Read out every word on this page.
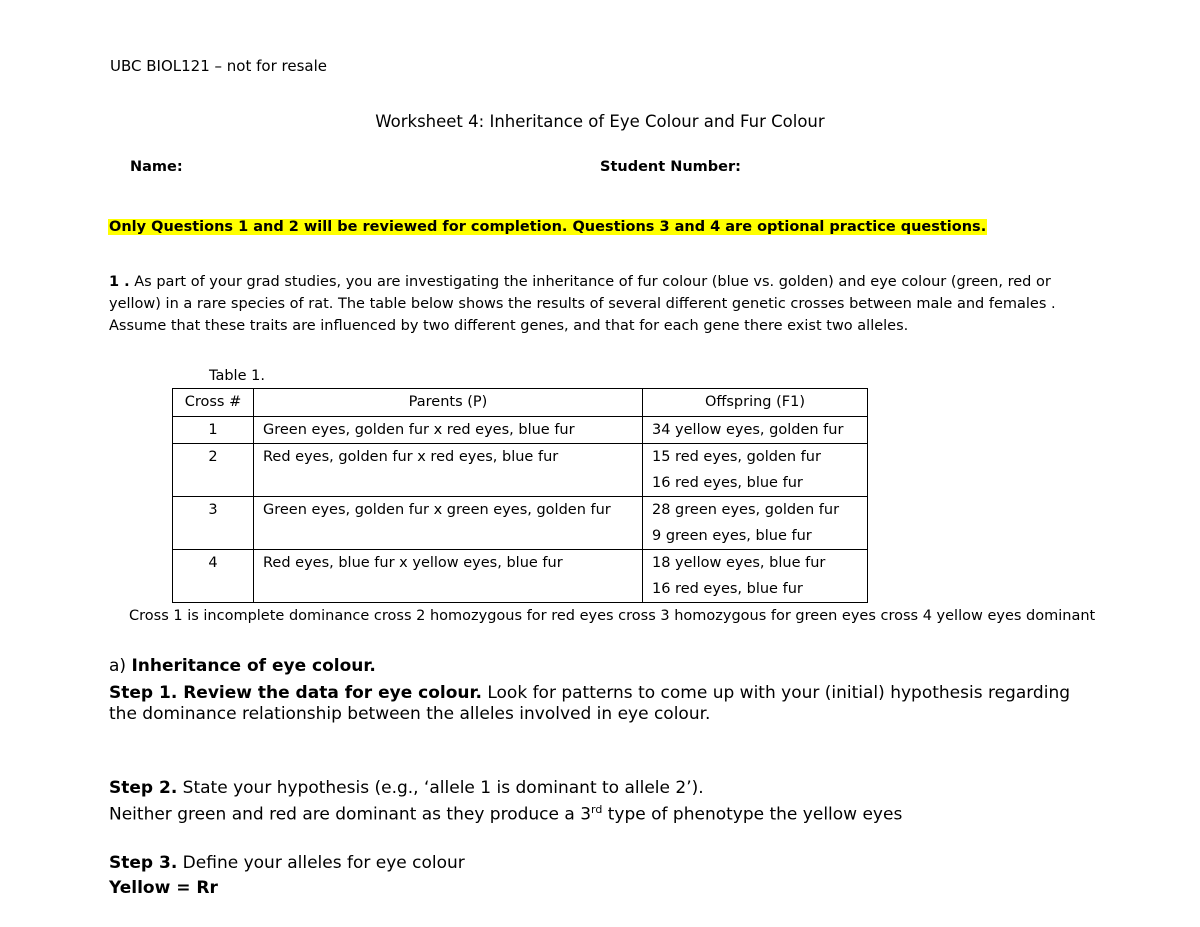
UBC BIOL121 – not for resale

Worksheet 4: Inheritance of Eye Colour and Fur Colour

Name:	Student Number:

Only Questions 1 and 2 will be reviewed for completion. Questions 3 and 4 are optional practice questions.

1 . As part of your grad studies, you are investigating the inheritance of fur colour (blue vs. golden) and eye colour (green, red or yellow) in a rare species of rat. The table below shows the results of several different genetic crosses between male and females . Assume that these traits are influenced by two different genes, and that for each gene there exist two alleles.

Table 1.

Cross #	Parents (P)	Offspring (F1)
1	Green eyes, golden fur x red eyes, blue fur	34 yellow eyes, golden fur

2	Red eyes, golden fur x red eyes, blue fur	15 red eyes, golden fur
16 red eyes, blue fur

3	Green eyes, golden fur x green eyes, golden fur	28 green eyes, golden fur
9 green eyes, blue fur

4	Red eyes, blue fur x yellow eyes, blue fur	18 yellow eyes, blue fur
16 red eyes, blue fur

Cross 1 is incomplete dominance cross 2 homozygous for red eyes cross 3 homozygous for green eyes cross 4 yellow eyes dominant

a) Inheritance of eye colour.

Step 1. Review the data for eye colour. Look for patterns to come up with your (initial) hypothesis regarding the dominance relationship between the alleles involved in eye colour.

Step 2. State your hypothesis (e.g., ‘allele 1 is dominant to allele 2’).

Neither green and red are dominant as they produce a 3rd type of phenotype the yellow eyes

Step 3. Define your alleles for eye colour

Yellow = Rr
